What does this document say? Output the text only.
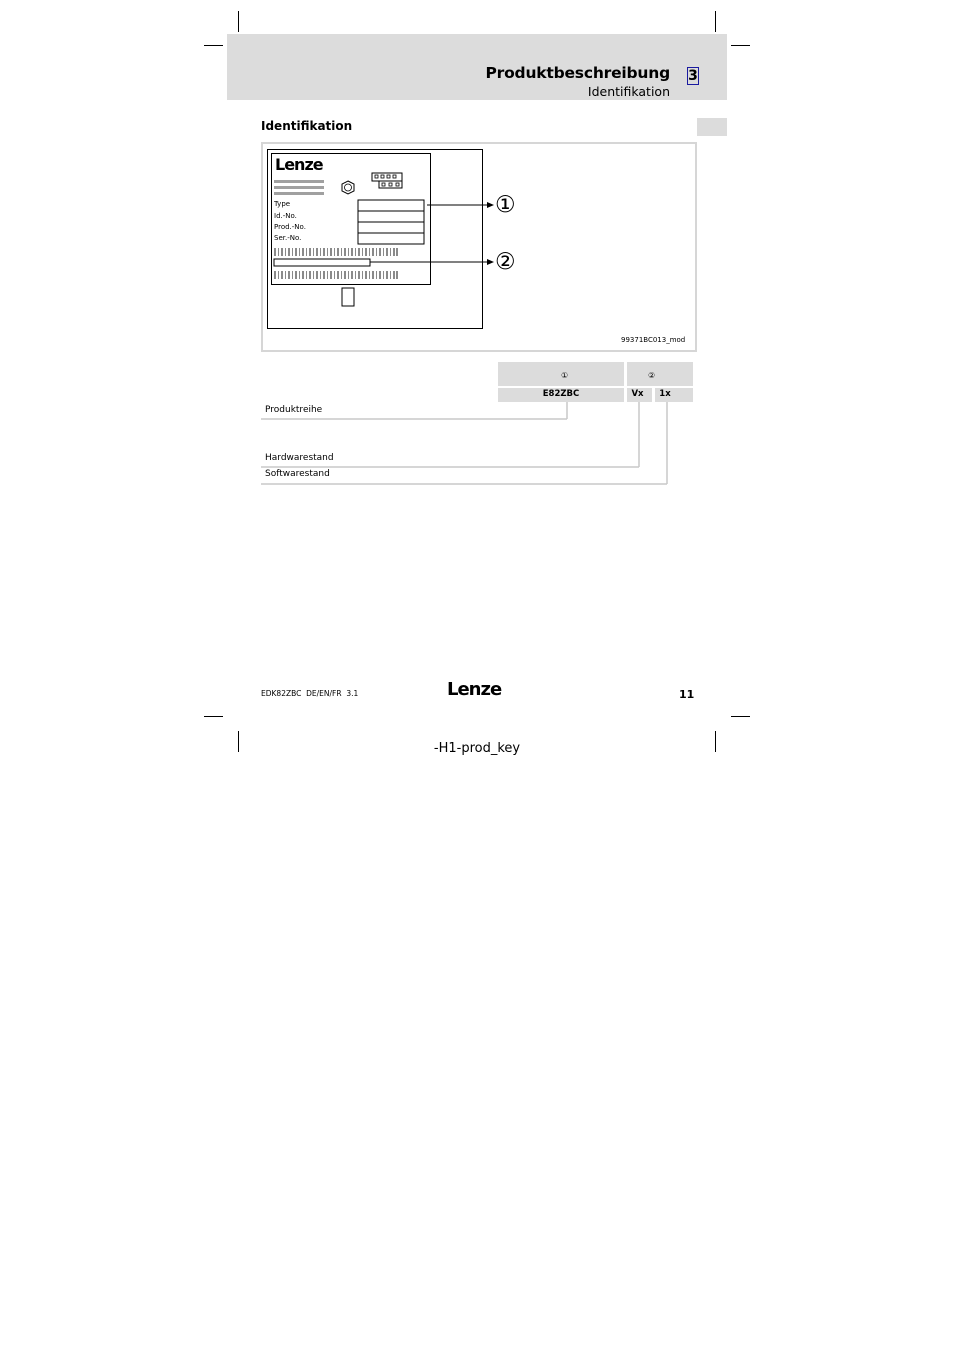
Produktbeschreibung
Identifikation
3
Identifikation
Lenze
Type
Id.-No.
Prod.-No.
Ser.-No.
①
②
99371BC013_mod
①	②
E82ZBC	Vx	1x
Produktreihe
Hardwarestand
Softwarestand
EDK82ZBC  DE/EN/FR  3.1	Lenze	11
-H1-prod_key
